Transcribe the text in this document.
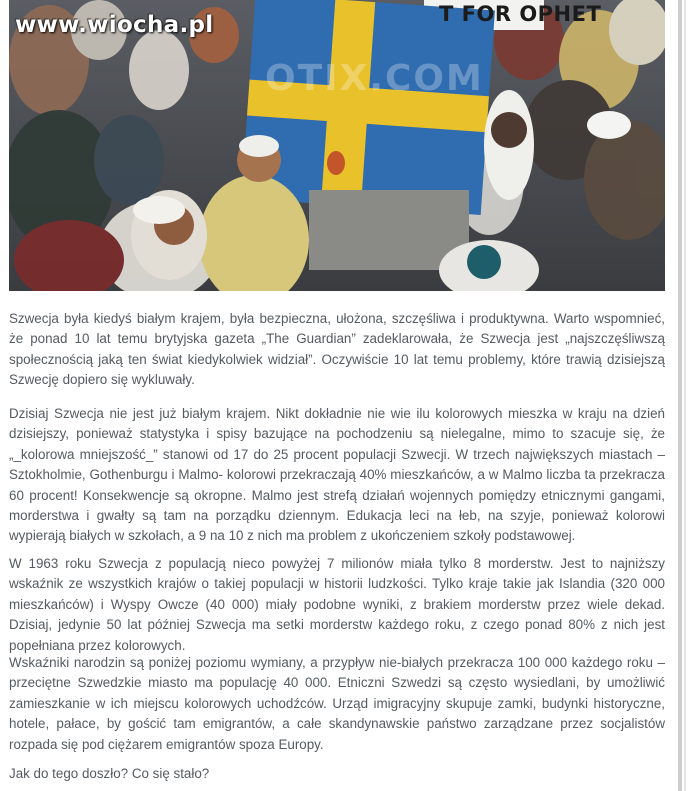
www.wiocha.pl
OTIX.COM
T FOR OPHET

Szwecja była kiedyś białym krajem, była bezpieczna, ułożona, szczęśliwa i produktywna. Warto wspomnieć, że ponad 10 lat temu brytyjska gazeta „The Guardian” zadeklarowała, że Szwecja jest „najszczęśliwszą społecznością jaką ten świat kiedykolwiek widział”. Oczywiście 10 lat temu problemy, które trawią dzisiejszą Szwecję dopiero się wykluwały.

Dzisiaj Szwecja nie jest już białym krajem. Nikt dokładnie nie wie ilu kolorowych mieszka w kraju na dzień dzisiejszy, ponieważ statystyka i spisy bazujące na pochodzeniu są nielegalne, mimo to szacuje się, że „_kolorowa mniejszość_” stanowi od 17 do 25 procent populacji Szwecji. W trzech największych miastach – Sztokholmie, Gothenburgu i Malmo- kolorowi przekraczają 40% mieszkańców, a w Malmo liczba ta przekracza 60 procent! Konsekwencje są okropne. Malmo jest strefą działań wojennych pomiędzy etnicznymi gangami, morderstwa i gwałty są tam na porządku dziennym. Edukacja leci na łeb, na szyje, ponieważ kolorowi wypierają białych w szkołach, a 9 na 10 z nich ma problem z ukończeniem szkoły podstawowej.

W 1963 roku Szwecja z populacją nieco powyżej 7 milionów miała tylko 8 morderstw. Jest to najniższy wskaźnik ze wszystkich krajów o takiej populacji w historii ludzkości. Tylko kraje takie jak Islandia (320 000 mieszkańców) i Wyspy Owcze (40 000) miały podobne wyniki, z brakiem morderstw przez wiele dekad. Dzisiaj, jedynie 50 lat później Szwecja ma setki morderstw każdego roku, z czego ponad 80% z nich jest popełniana przez kolorowych.

Wskaźniki narodzin są poniżej poziomu wymiany, a przypływ nie-białych przekracza 100 000 każdego roku – przeciętne Szwedzkie miasto ma populację 40 000. Etniczni Szwedzi są często wysiedlani, by umożliwić zamieszkanie w ich miejscu kolorowych uchodźców. Urząd imigracyjny skupuje zamki, budynki historyczne, hotele, pałace, by gościć tam emigrantów, a całe skandynawskie państwo zarządzane przez socjalistów rozpada się pod ciężarem emigrantów spoza Europy.

Jak do tego doszło? Co się stało?
